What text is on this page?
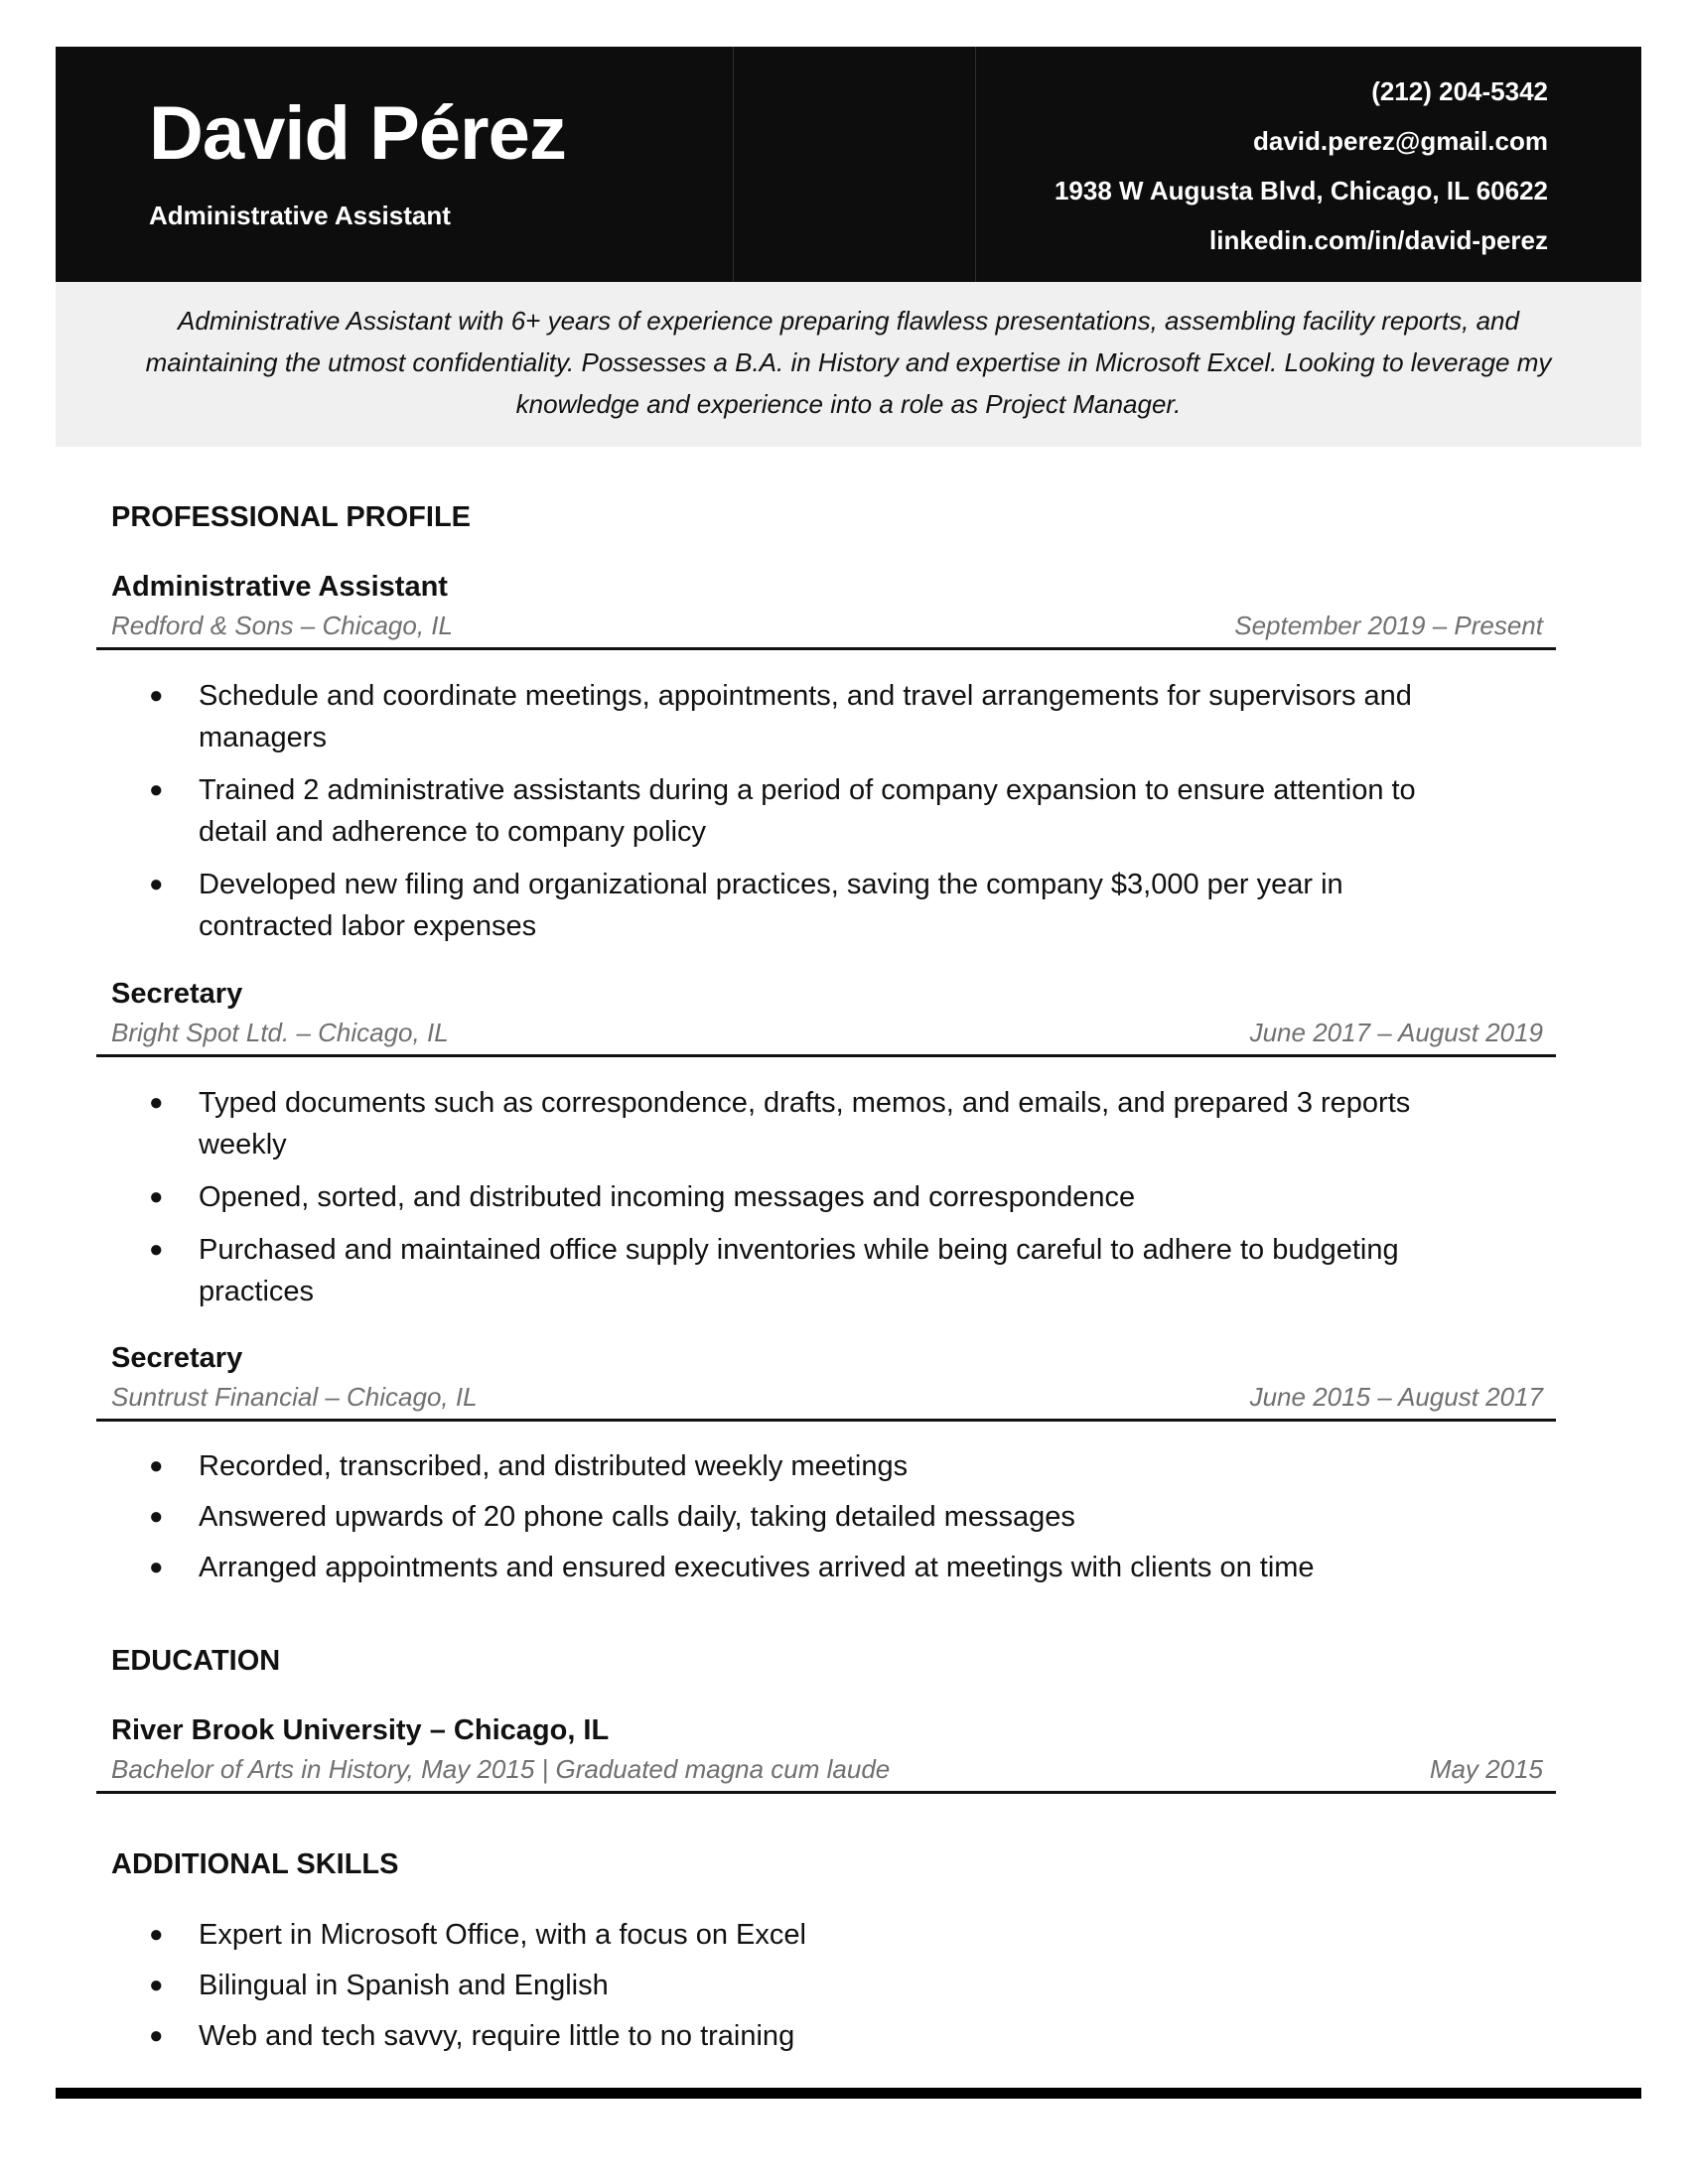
David Pérez
Administrative Assistant
(212) 204-5342
david.perez@gmail.com
1938 W Augusta Blvd, Chicago, IL 60622
linkedin.com/in/david-perez

Administrative Assistant with 6+ years of experience preparing flawless presentations, assembling facility reports, and maintaining the utmost confidentiality. Possesses a B.A. in History and expertise in Microsoft Excel. Looking to leverage my knowledge and experience into a role as Project Manager.

PROFESSIONAL PROFILE
Administrative Assistant
Redford & Sons – Chicago, IL	September 2019 – Present
● Schedule and coordinate meetings, appointments, and travel arrangements for supervisors and managers
● Trained 2 administrative assistants during a period of company expansion to ensure attention to detail and adherence to company policy
● Developed new filing and organizational practices, saving the company $3,000 per year in contracted labor expenses
Secretary
Bright Spot Ltd. – Chicago, IL	June 2017 – August 2019
● Typed documents such as correspondence, drafts, memos, and emails, and prepared 3 reports weekly
● Opened, sorted, and distributed incoming messages and correspondence
● Purchased and maintained office supply inventories while being careful to adhere to budgeting practices
Secretary
Suntrust Financial – Chicago, IL	June 2015 – August 2017
● Recorded, transcribed, and distributed weekly meetings
● Answered upwards of 20 phone calls daily, taking detailed messages
● Arranged appointments and ensured executives arrived at meetings with clients on time
EDUCATION
River Brook University – Chicago, IL
Bachelor of Arts in History, May 2015 | Graduated magna cum laude	May 2015
ADDITIONAL SKILLS
● Expert in Microsoft Office, with a focus on Excel
● Bilingual in Spanish and English
● Web and tech savvy, require little to no training
